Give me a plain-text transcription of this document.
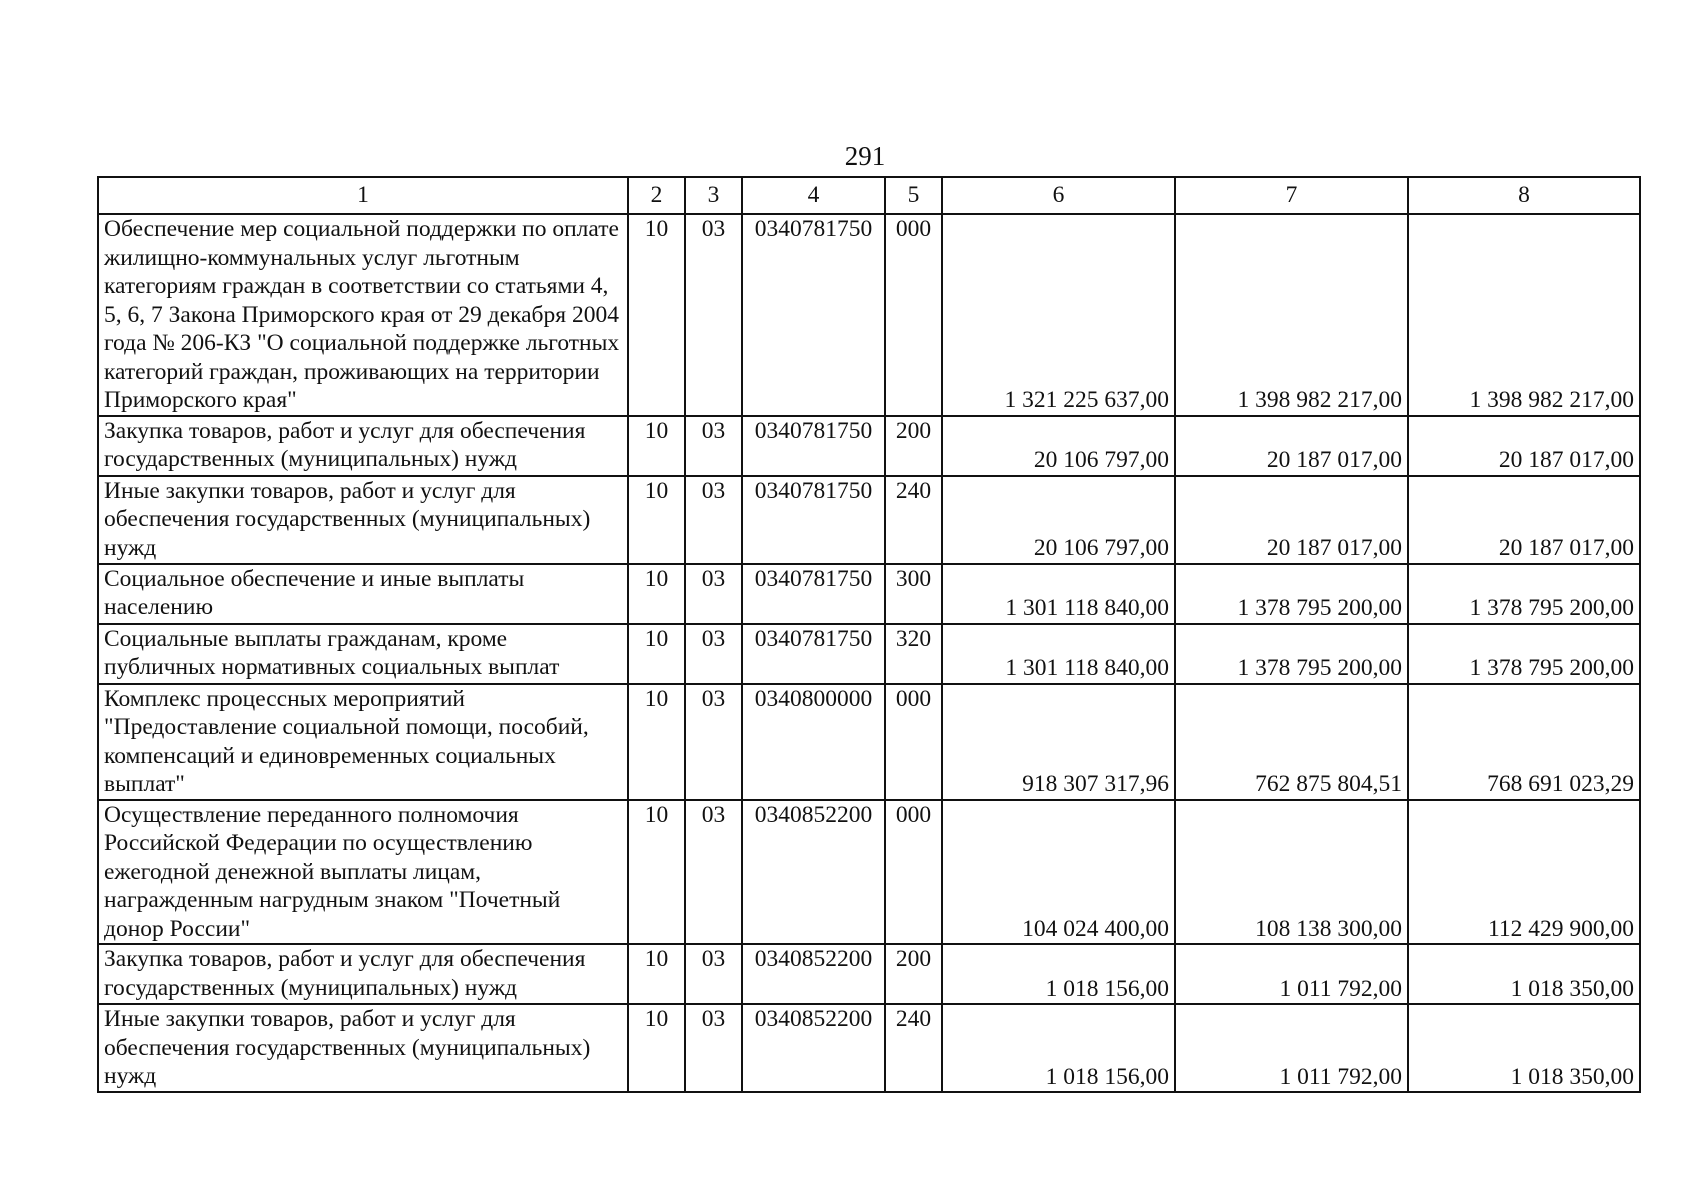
291
1	2	3	4	5	6	7	8
Обеспечение мер социальной поддержки по оплате жилищно-коммунальных услуг льготным категориям граждан в соответствии со статьями 4, 5, 6, 7 Закона Приморского края от 29 декабря 2004 года № 206-КЗ "О социальной поддержке льготных категорий граждан, проживающих на территории Приморского края"	10	03	0340781750	000	1 321 225 637,00	1 398 982 217,00	1 398 982 217,00
Закупка товаров, работ и услуг для обеспечения государственных (муниципальных) нужд	10	03	0340781750	200	20 106 797,00	20 187 017,00	20 187 017,00
Иные закупки товаров, работ и услуг для обеспечения государственных (муниципальных) нужд	10	03	0340781750	240	20 106 797,00	20 187 017,00	20 187 017,00
Социальное обеспечение и иные выплаты населению	10	03	0340781750	300	1 301 118 840,00	1 378 795 200,00	1 378 795 200,00
Социальные выплаты гражданам, кроме публичных нормативных социальных выплат	10	03	0340781750	320	1 301 118 840,00	1 378 795 200,00	1 378 795 200,00
Комплекс процессных мероприятий "Предоставление социальной помощи, пособий, компенсаций и единовременных социальных выплат"	10	03	0340800000	000	918 307 317,96	762 875 804,51	768 691 023,29
Осуществление переданного полномочия Российской Федерации по осуществлению ежегодной денежной выплаты лицам, награжденным нагрудным знаком "Почетный донор России"	10	03	0340852200	000	104 024 400,00	108 138 300,00	112 429 900,00
Закупка товаров, работ и услуг для обеспечения государственных (муниципальных) нужд	10	03	0340852200	200	1 018 156,00	1 011 792,00	1 018 350,00
Иные закупки товаров, работ и услуг для обеспечения государственных (муниципальных) нужд	10	03	0340852200	240	1 018 156,00	1 011 792,00	1 018 350,00
